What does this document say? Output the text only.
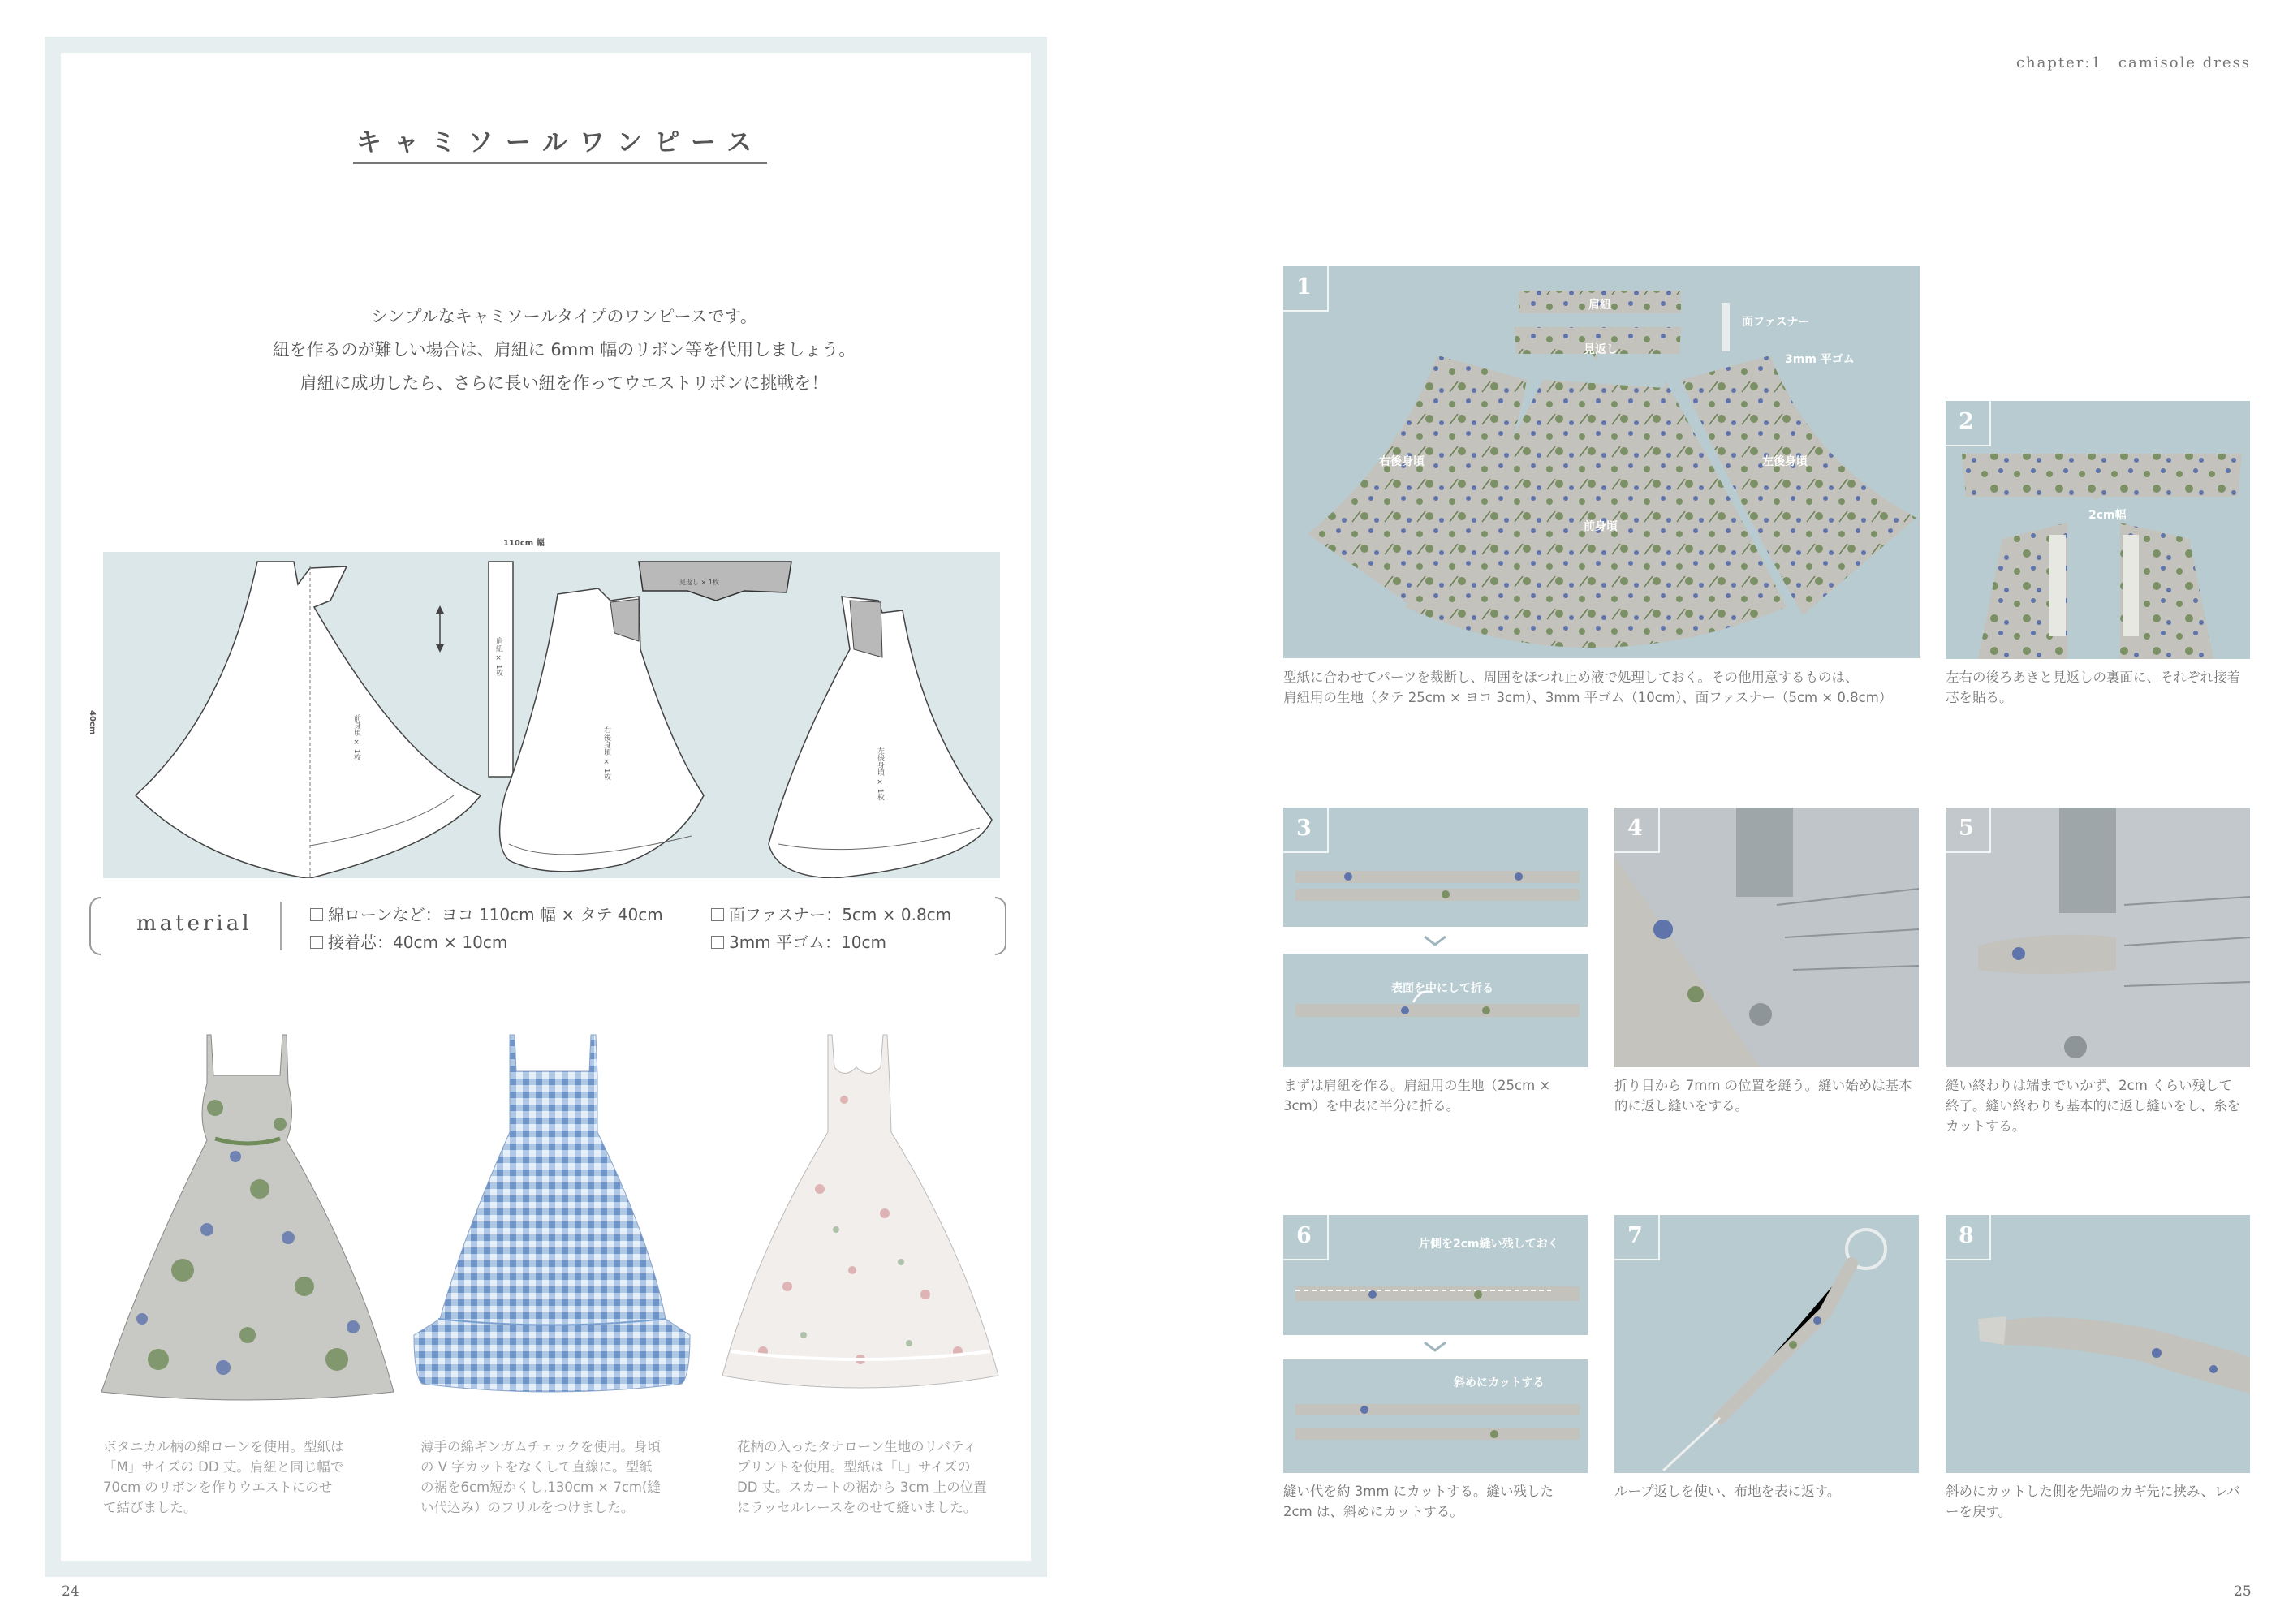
キャミソールワンピース
シンプルなキャミソールタイプのワンピースです。
紐を作るのが難しい場合は、肩紐に 6mm 幅のリボン等を代用しましょう。
肩紐に成功したら、さらに長い紐を作ってウエストリボンに挑戦を！
110cm 幅
40cm	前身頃 × 1枚
肩紐 × 1枚
見返し × 1枚
右後身頃 × 1枚	左後身頃 × 1枚
material	綿ローンなど：ヨコ 110cm 幅 × タテ 40cm
接着芯：40cm × 10cm
面ファスナー：5cm × 0.8cm
3mm 平ゴム：10cm
ボタニカル柄の綿ローンを使用。型紙は
「M」サイズの DD 丈。肩紐と同じ幅で
70cm のリボンを作りウエストにのせ
て結びました。
薄手の綿ギンガムチェックを使用。身頃
の V 字カットをなくして直線に。型紙
の裾を6cm短かくし,130cm × 7cm(縫
い代込み）のフリルをつけました。
花柄の入ったタナローン生地のリバティ
プリントを使用。型紙は「L」サイズの
DD 丈。スカートの裾から 3cm 上の位置
にラッセルレースをのせて縫いました。
24
chapter:1　camisole dress
1
肩紐
見返し
面ファスナー
3mm 平ゴム
右後身頃	左後身頃
前身頃
型紙に合わせてパーツを裁断し、周囲をほつれ止め液で処理しておく。その他用意するものは、
肩紐用の生地（タテ 25cm × ヨコ 3cm）、3mm 平ゴム（10cm）、面ファスナー（5cm × 0.8cm）
2
2cm幅
左右の後ろあきと見返しの裏面に、それぞれ接着
芯を貼る。
3
表面を中にして折る
まずは肩紐を作る。肩紐用の生地（25cm ×
3cm）を中表に半分に折る。
4
折り目から 7mm の位置を縫う。縫い始めは基本
的に返し縫いをする。
5
縫い終わりは端までいかず、2cm くらい残して
終了。縫い終わりも基本的に返し縫いをし、糸を
カットする。
6	片側を2cm縫い残しておく
斜めにカットする
縫い代を約 3mm にカットする。縫い残した
2cm は、斜めにカットする。
7
ループ返しを使い、布地を表に返す。
8
斜めにカットした側を先端のカギ先に挟み、レバ
ーを戻す。
25
